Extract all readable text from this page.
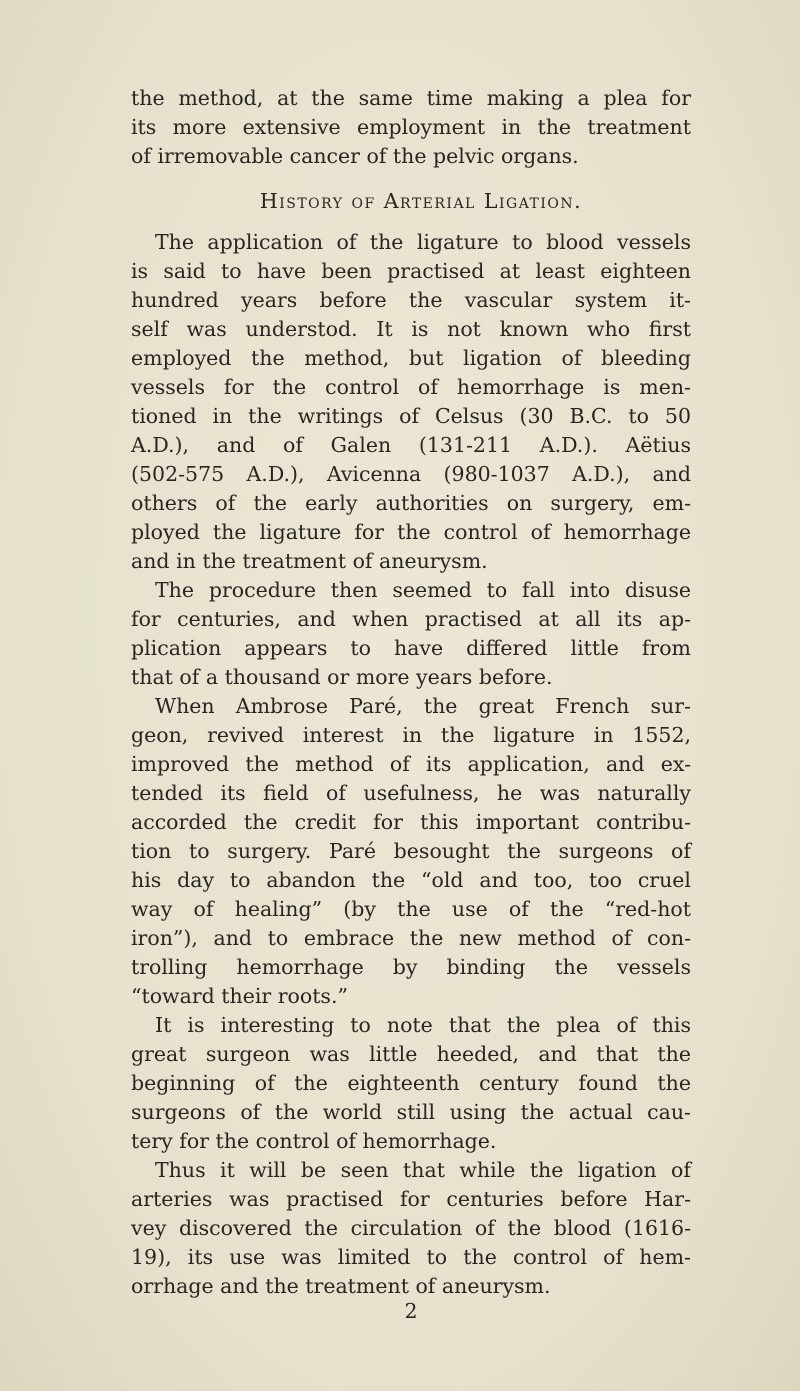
the method, at the same time making a plea for
its more extensive employment in the treatment
of irremovable cancer of the pelvic organs.
History of Arterial Ligation.
The application of the ligature to blood vessels
is said to have been practised at least eighteen
hundred years before the vascular system it-
self was understod. It is not known who first
employed the method, but ligation of bleeding
vessels for the control of hemorrhage is men-
tioned in the writings of Celsus (30 B.C. to 50
A.D.), and of Galen (131-211 A.D.). Aëtius
(502-575 A.D.), Avicenna (980-1037 A.D.), and
others of the early authorities on surgery, em-
ployed the ligature for the control of hemorrhage
and in the treatment of aneurysm.
The procedure then seemed to fall into disuse
for centuries, and when practised at all its ap-
plication appears to have differed little from
that of a thousand or more years before.
When Ambrose Paré, the great French sur-
geon, revived interest in the ligature in 1552,
improved the method of its application, and ex-
tended its field of usefulness, he was naturally
accorded the credit for this important contribu-
tion to surgery. Paré besought the surgeons of
his day to abandon the “old and too, too cruel
way of healing” (by the use of the “red-hot
iron”), and to embrace the new method of con-
trolling hemorrhage by binding the vessels
“toward their roots.”
It is interesting to note that the plea of this
great surgeon was little heeded, and that the
beginning of the eighteenth century found the
surgeons of the world still using the actual cau-
tery for the control of hemorrhage.
Thus it will be seen that while the ligation of
arteries was practised for centuries before Har-
vey discovered the circulation of the blood (1616-
19), its use was limited to the control of hem-
orrhage and the treatment of aneurysm.
2
